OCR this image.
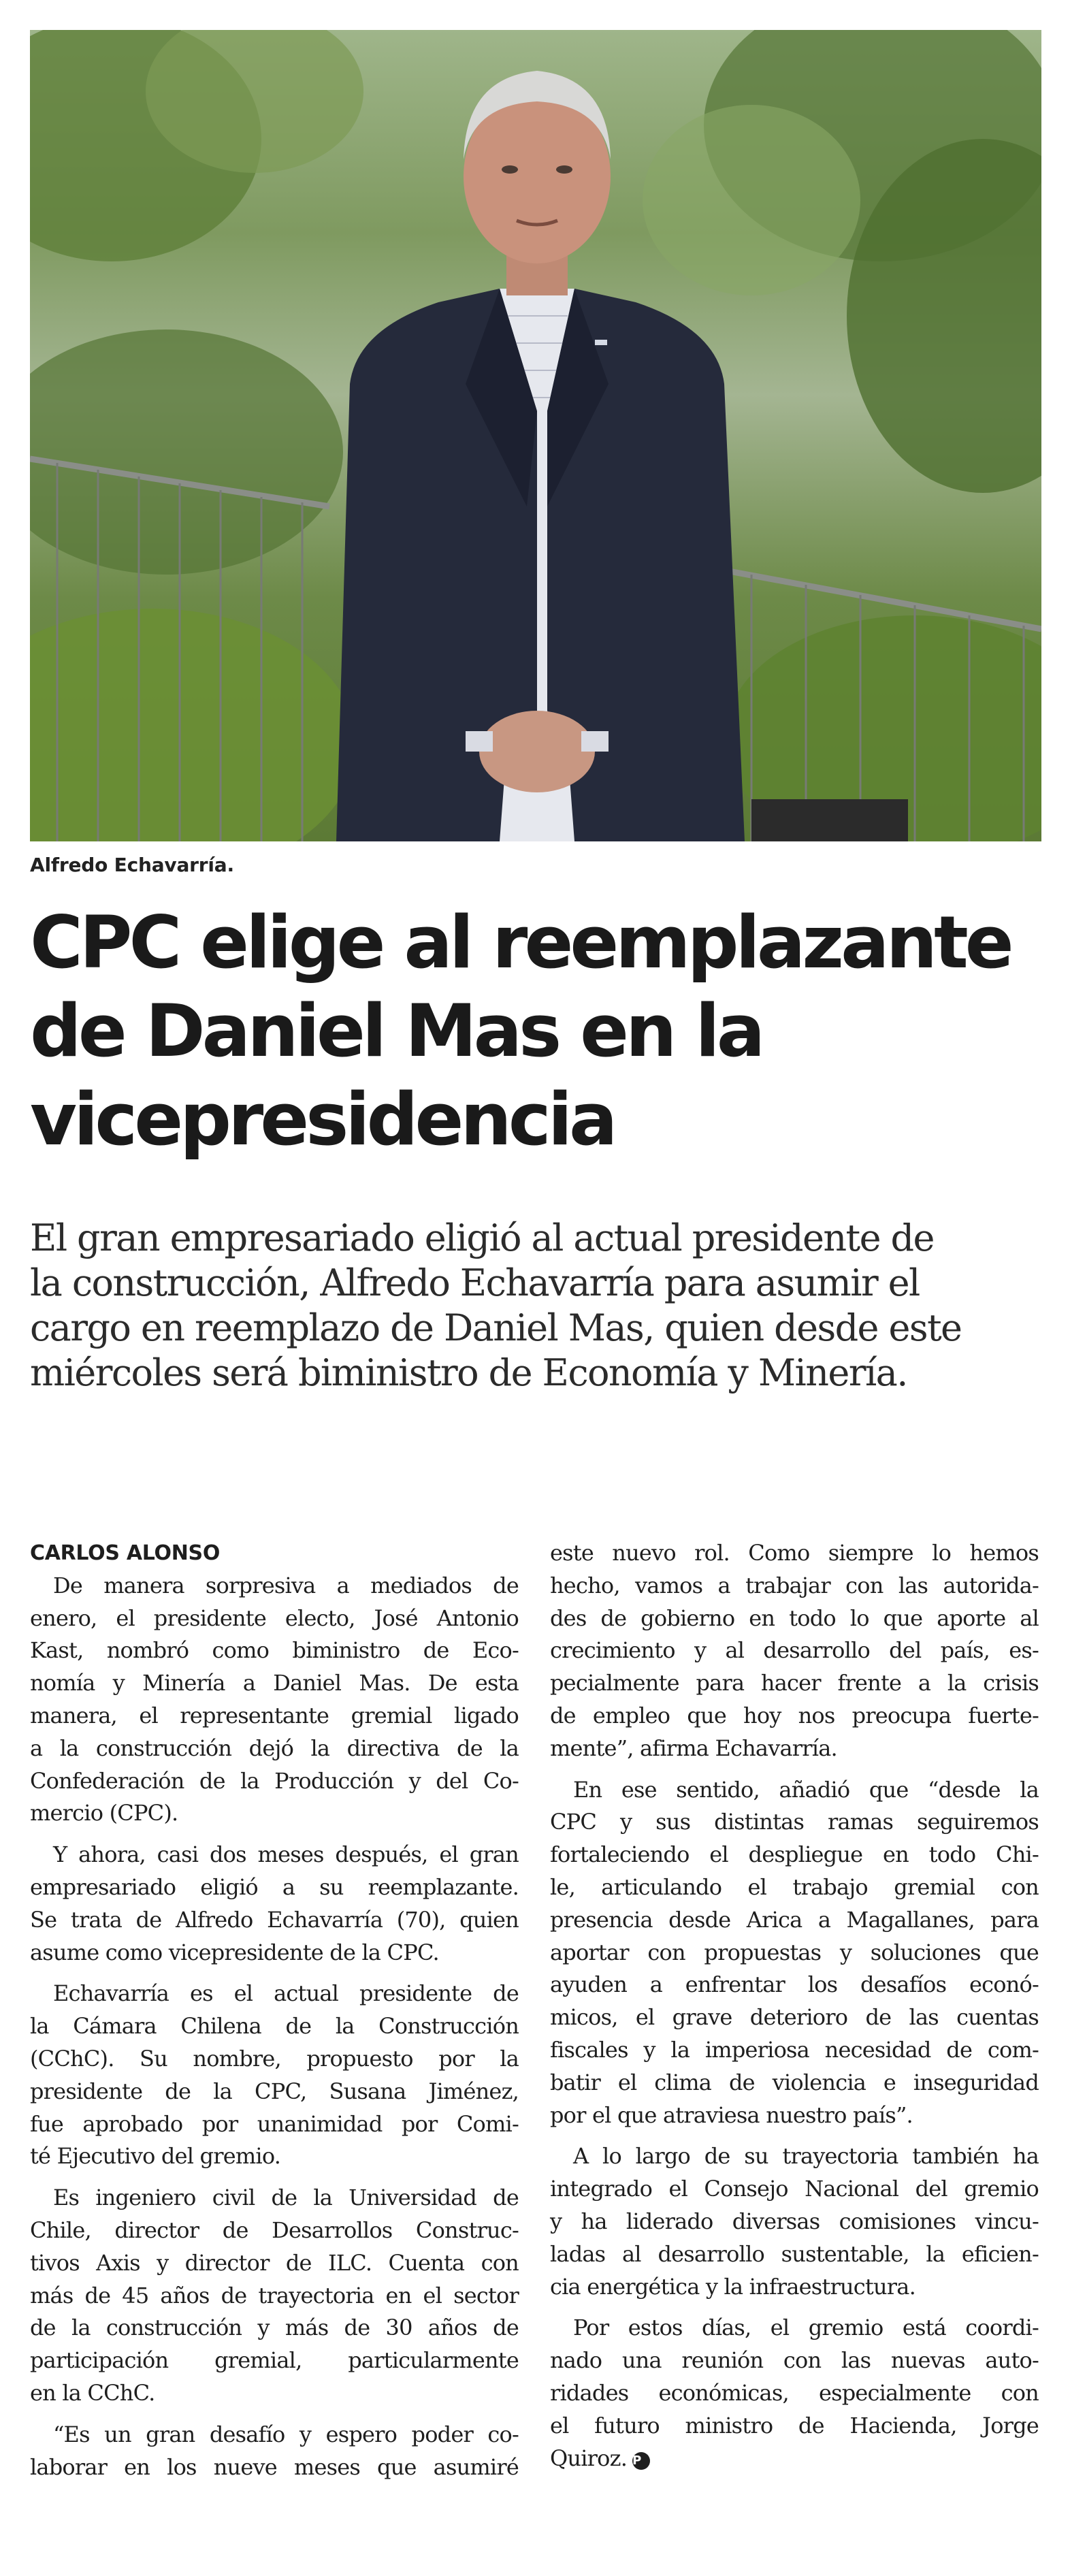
Alfredo Echavarría.
CPC elige al reemplazante
de Daniel Mas en la
vicepresidencia
El gran empresariado eligió al actual presidente de
la construcción, Alfredo Echavarría para asumir el
cargo en reemplazo de Daniel Mas, quien desde este
miércoles será biministro de Economía y Minería.
CARLOS ALONSO
De manera sorpresiva a mediados de
enero, el presidente electo, José Antonio
Kast, nombró como biministro de Eco-
nomía y Minería a Daniel Mas. De esta
manera, el representante gremial ligado
a la construcción dejó la directiva de la
Confederación de la Producción y del Co-
mercio (CPC).
Y ahora, casi dos meses después, el gran
empresariado eligió a su reemplazante.
Se trata de Alfredo Echavarría (70), quien
asume como vicepresidente de la CPC.
Echavarría es el actual presidente de
la Cámara Chilena de la Construcción
(CChC). Su nombre, propuesto por la
presidente de la CPC, Susana Jiménez,
fue aprobado por unanimidad por Comi-
té Ejecutivo del gremio.
Es ingeniero civil de la Universidad de
Chile, director de Desarrollos Construc-
tivos Axis y director de ILC. Cuenta con
más de 45 años de trayectoria en el sector
de la construcción y más de 30 años de
participación gremial, particularmente
en la CChC.
“Es un gran desafío y espero poder co-
laborar en los nueve meses que asumiré
este nuevo rol. Como siempre lo hemos
hecho, vamos a trabajar con las autorida-
des de gobierno en todo lo que aporte al
crecimiento y al desarrollo del país, es-
pecialmente para hacer frente a la crisis
de empleo que hoy nos preocupa fuerte-
mente”, afirma Echavarría.
En ese sentido, añadió que “desde la
CPC y sus distintas ramas seguiremos
fortaleciendo el despliegue en todo Chi-
le, articulando el trabajo gremial con
presencia desde Arica a Magallanes, para
aportar con propuestas y soluciones que
ayuden a enfrentar los desafíos econó-
micos, el grave deterioro de las cuentas
fiscales y la imperiosa necesidad de com-
batir el clima de violencia e inseguridad
por el que atraviesa nuestro país”.
A lo largo de su trayectoria también ha
integrado el Consejo Nacional del gremio
y ha liderado diversas comisiones vincu-
ladas al desarrollo sustentable, la eficien-
cia energética y la infraestructura.
Por estos días, el gremio está coordi-
nado una reunión con las nuevas auto-
ridades económicas, especialmente con
el futuro ministro de Hacienda, Jorge
Quiroz. P
